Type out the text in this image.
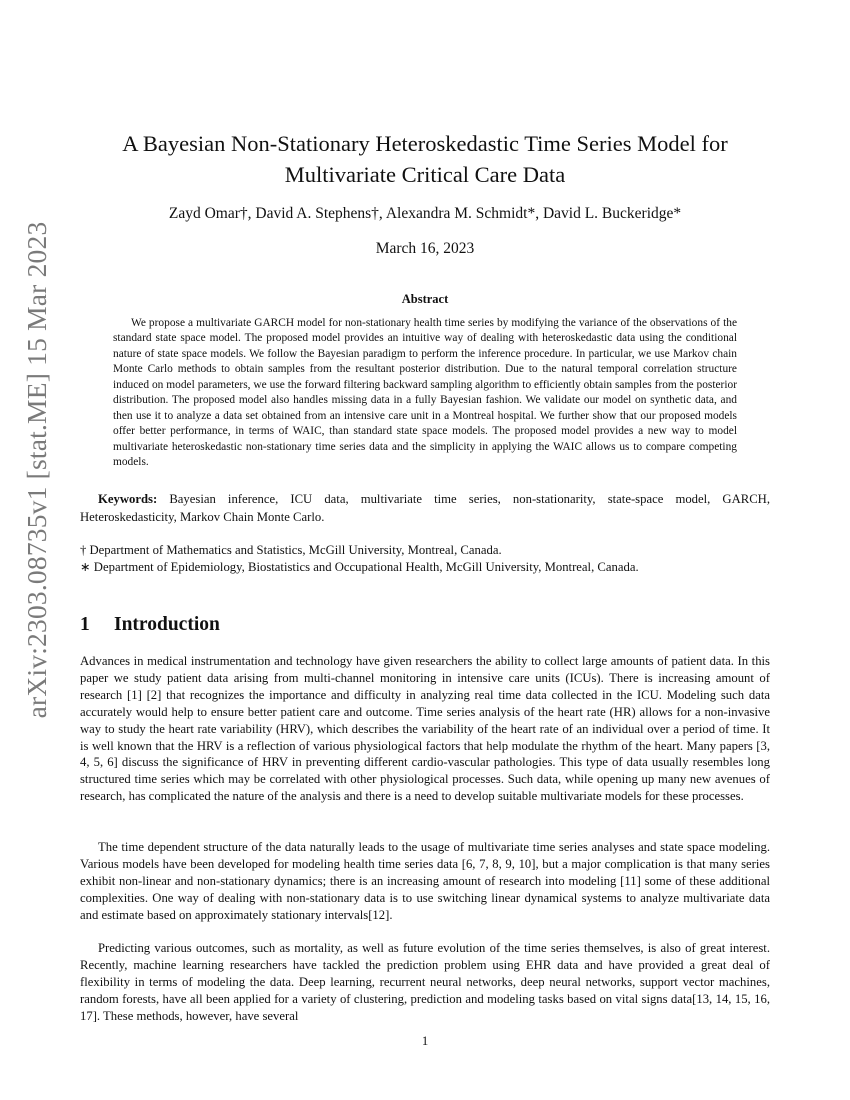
arXiv:2303.08735v1 [stat.ME] 15 Mar 2023
A Bayesian Non-Stationary Heteroskedastic Time Series Model for Multivariate Critical Care Data
Zayd Omar†, David A. Stephens†, Alexandra M. Schmidt*, David L. Buckeridge*
March 16, 2023
Abstract

We propose a multivariate GARCH model for non-stationary health time series by modifying the variance of the observations of the standard state space model. The proposed model provides an intuitive way of dealing with heteroskedastic data using the conditional nature of state space models. We follow the Bayesian paradigm to perform the inference procedure. In particular, we use Markov chain Monte Carlo methods to obtain samples from the resultant posterior distribution. Due to the natural temporal correlation structure induced on model parameters, we use the forward filtering backward sampling algorithm to efficiently obtain samples from the posterior distribution. The proposed model also handles missing data in a fully Bayesian fashion. We validate our model on synthetic data, and then use it to analyze a data set obtained from an intensive care unit in a Montreal hospital. We further show that our proposed models offer better performance, in terms of WAIC, than standard state space models. The proposed model provides a new way to model multivariate heteroskedastic non-stationary time series data and the simplicity in applying the WAIC allows us to compare competing models.

Keywords: Bayesian inference, ICU data, multivariate time series, non-stationarity, state-space model, GARCH, Heteroskedasticity, Markov Chain Monte Carlo.

† Department of Mathematics and Statistics, McGill University, Montreal, Canada.

∗ Department of Epidemiology, Biostatistics and Occupational Health, McGill University, Montreal, Canada.

1 Introduction

Advances in medical instrumentation and technology have given researchers the ability to collect large amounts of patient data. In this paper we study patient data arising from multi-channel monitoring in intensive care units (ICUs). There is increasing amount of research [1] [2] that recognizes the importance and difficulty in analyzing real time data collected in the ICU. Modeling such data accurately would help to ensure better patient care and outcome. Time series analysis of the heart rate (HR) allows for a non-invasive way to study the heart rate variability (HRV), which describes the variability of the heart rate of an individual over a period of time. It is well known that the HRV is a reflection of various physiological factors that help modulate the rhythm of the heart. Many papers [3, 4, 5, 6] discuss the significance of HRV in preventing different cardio-vascular pathologies. This type of data usually resembles long structured time series which may be correlated with other physiological processes. Such data, while opening up many new avenues of research, has complicated the nature of the analysis and there is a need to develop suitable multivariate models for these processes.

The time dependent structure of the data naturally leads to the usage of multivariate time series analyses and state space modeling. Various models have been developed for modeling health time series data [6, 7, 8, 9, 10], but a major complication is that many series exhibit non-linear and non-stationary dynamics; there is an increasing amount of research into modeling [11] some of these additional complexities. One way of dealing with non-stationary data is to use switching linear dynamical systems to analyze multivariate data and estimate based on approximately stationary intervals[12].

Predicting various outcomes, such as mortality, as well as future evolution of the time series themselves, is also of great interest. Recently, machine learning researchers have tackled the prediction problem using EHR data and have provided a great deal of flexibility in terms of modeling the data. Deep learning, recurrent neural networks, deep neural networks, support vector machines, random forests, have all been applied for a variety of clustering, prediction and modeling tasks based on vital signs data[13, 14, 15, 16, 17]. These methods, however, have several

1
